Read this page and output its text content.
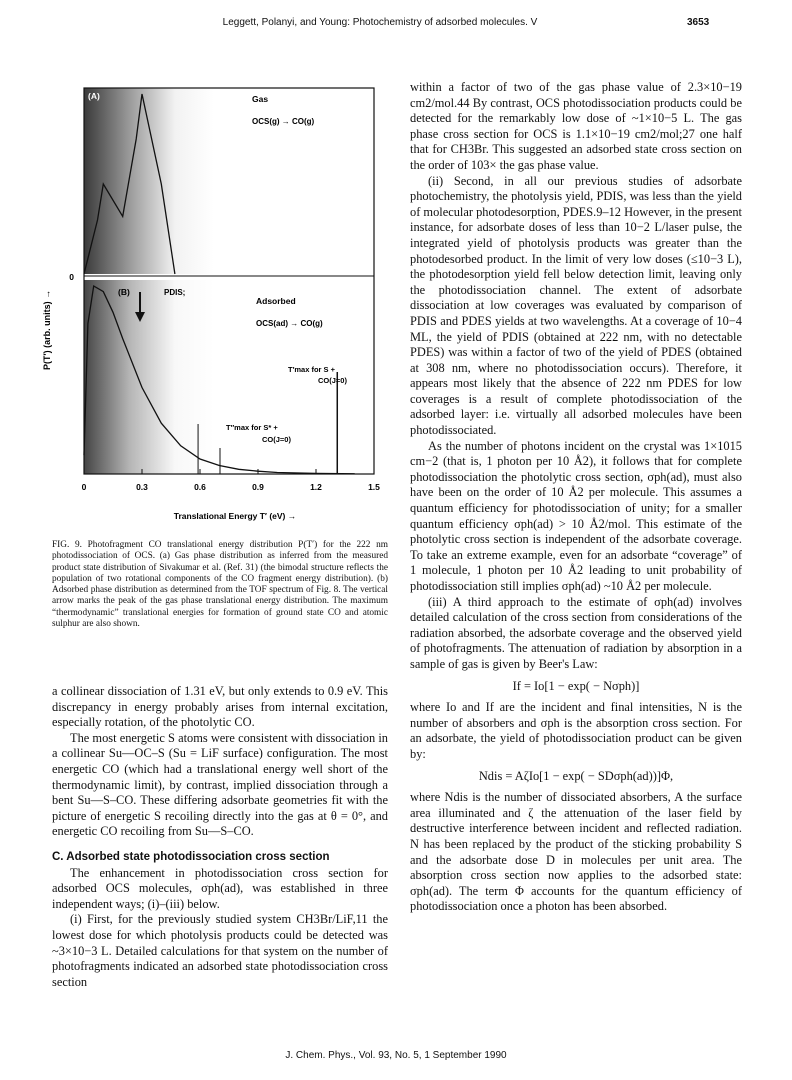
Leggett, Polanyi, and Young: Photochemistry of adsorbed molecules. V	3653
0	0.3	0.6	0.9	1.2	1.5
(A)	Gas
OCS(g) → CO(g)
(B)	PDIS;
Adsorbed
OCS(ad) → CO(g)
T′max for S +
CO(J=0)
T″max for S* +
CO(J=0)
0
P(T′) (arb. units) →
Translational Energy T′ (eV) →
FIG. 9. Photofragment CO translational energy distribution P(T′) for the 222 nm photodissociation of OCS. (a) Gas phase distribution as inferred from the measured product state distribution of Sivakumar et al. (Ref. 31) (the bimodal structure reflects the population of two rotational components of the CO fragment energy distribution). (b) Adsorbed phase distribution as determined from the TOF spectrum of Fig. 8. The vertical arrow marks the peak of the gas phase translational energy distribution. The maximum “thermodynamic” translational energies for formation of ground state CO and atomic sulphur are also shown.

a collinear dissociation of 1.31 eV, but only extends to 0.9 eV. This discrepancy in energy probably arises from internal excitation, especially rotation, of the photolytic CO.

The most energetic S atoms were consistent with dissociation in a collinear Su—OC–S (Su = LiF surface) configuration. The most energetic CO (which had a translational energy well short of the thermodynamic limit), by contrast, implied dissociation through a bent Su—S–CO. These differing adsorbate geometries fit with the picture of energetic S recoiling directly into the gas at θ = 0°, and energetic CO recoiling from Su—S–CO.

C. Adsorbed state photodissociation cross section

The enhancement in photodissociation cross section for adsorbed OCS molecules, σph(ad), was established in three independent ways; (i)–(iii) below.

(i) First, for the previously studied system CH3Br/LiF,11 the lowest dose for which photolysis products could be detected was ~3×10−3 L. Detailed calculations for that system on the number of photofragments indicated an adsorbed state photodissociation cross section

within a factor of two of the gas phase value of 2.3×10−19 cm2/mol.44 By contrast, OCS photodissociation products could be detected for the remarkably low dose of ~1×10−5 L. The gas phase cross section for OCS is 1.1×10−19 cm2/mol;27 one half that for CH3Br. This suggested an adsorbed state cross section on the order of 103× the gas phase value.

(ii) Second, in all our previous studies of adsorbate photochemistry, the photolysis yield, PDIS, was less than the yield of molecular photodesorption, PDES.9–12 However, in the present instance, for adsorbate doses of less than 10−2 L/laser pulse, the integrated yield of photolysis products was greater than the photodesorbed product. In the limit of very low doses (≤10−3 L), the photodesorption yield fell below detection limit, leaving only the photodissociation channel. The extent of adsorbate dissociation at low coverages was evaluated by comparison of PDIS and PDES yields at two wavelengths. At a coverage of 10−4 ML, the yield of PDIS (obtained at 222 nm, with no detectable PDES) was within a factor of two of the yield of PDES (obtained at 308 nm, where no photodissociation occurs). Therefore, it appears most likely that the absence of 222 nm PDES for low coverages is a result of complete photodissociation of the adsorbed layer: i.e. virtually all adsorbed molecules have been photodissociated.

As the number of photons incident on the crystal was 1×1015 cm−2 (that is, 1 photon per 10 Å2), it follows that for complete photodissociation the photolytic cross section, σph(ad), must also have been on the order of 10 Å2 per molecule. This assumes a quantum efficiency for photodissociation of unity; for a smaller quantum efficiency σph(ad) > 10 Å2/mol. This estimate of the photolytic cross section is independent of the adsorbate coverage. To take an extreme example, even for an adsorbate “coverage” of 1 molecule, 1 photon per 10 Å2 leading to unit probability of photodissociation still implies σph(ad) ~10 Å2 per molecule.

(iii) A third approach to the estimate of σph(ad) involves detailed calculation of the cross section from considerations of the radiation absorbed, the adsorbate coverage and the observed yield of photofragments. The attenuation of radiation by absorption in a sample of gas is given by Beer's Law:

If = Io[1 − exp( − Nσph)]

where Io and If are the incident and final intensities, N is the number of absorbers and σph is the absorption cross section. For an adsorbate, the yield of photodissociation product can be given by:

Ndis = AζIo[1 − exp( − SDσph(ad))]Φ,

where Ndis is the number of dissociated absorbers, A the surface area illuminated and ζ the attenuation of the laser field by destructive interference between incident and reflected radiation. N has been replaced by the product of the sticking probability S and the adsorbate dose D in molecules per unit area. The absorption cross section now applies to the adsorbed state: σph(ad). The term Φ accounts for the quantum efficiency of photodissociation once a photon has been absorbed.

J. Chem. Phys., Vol. 93, No. 5, 1 September 1990
